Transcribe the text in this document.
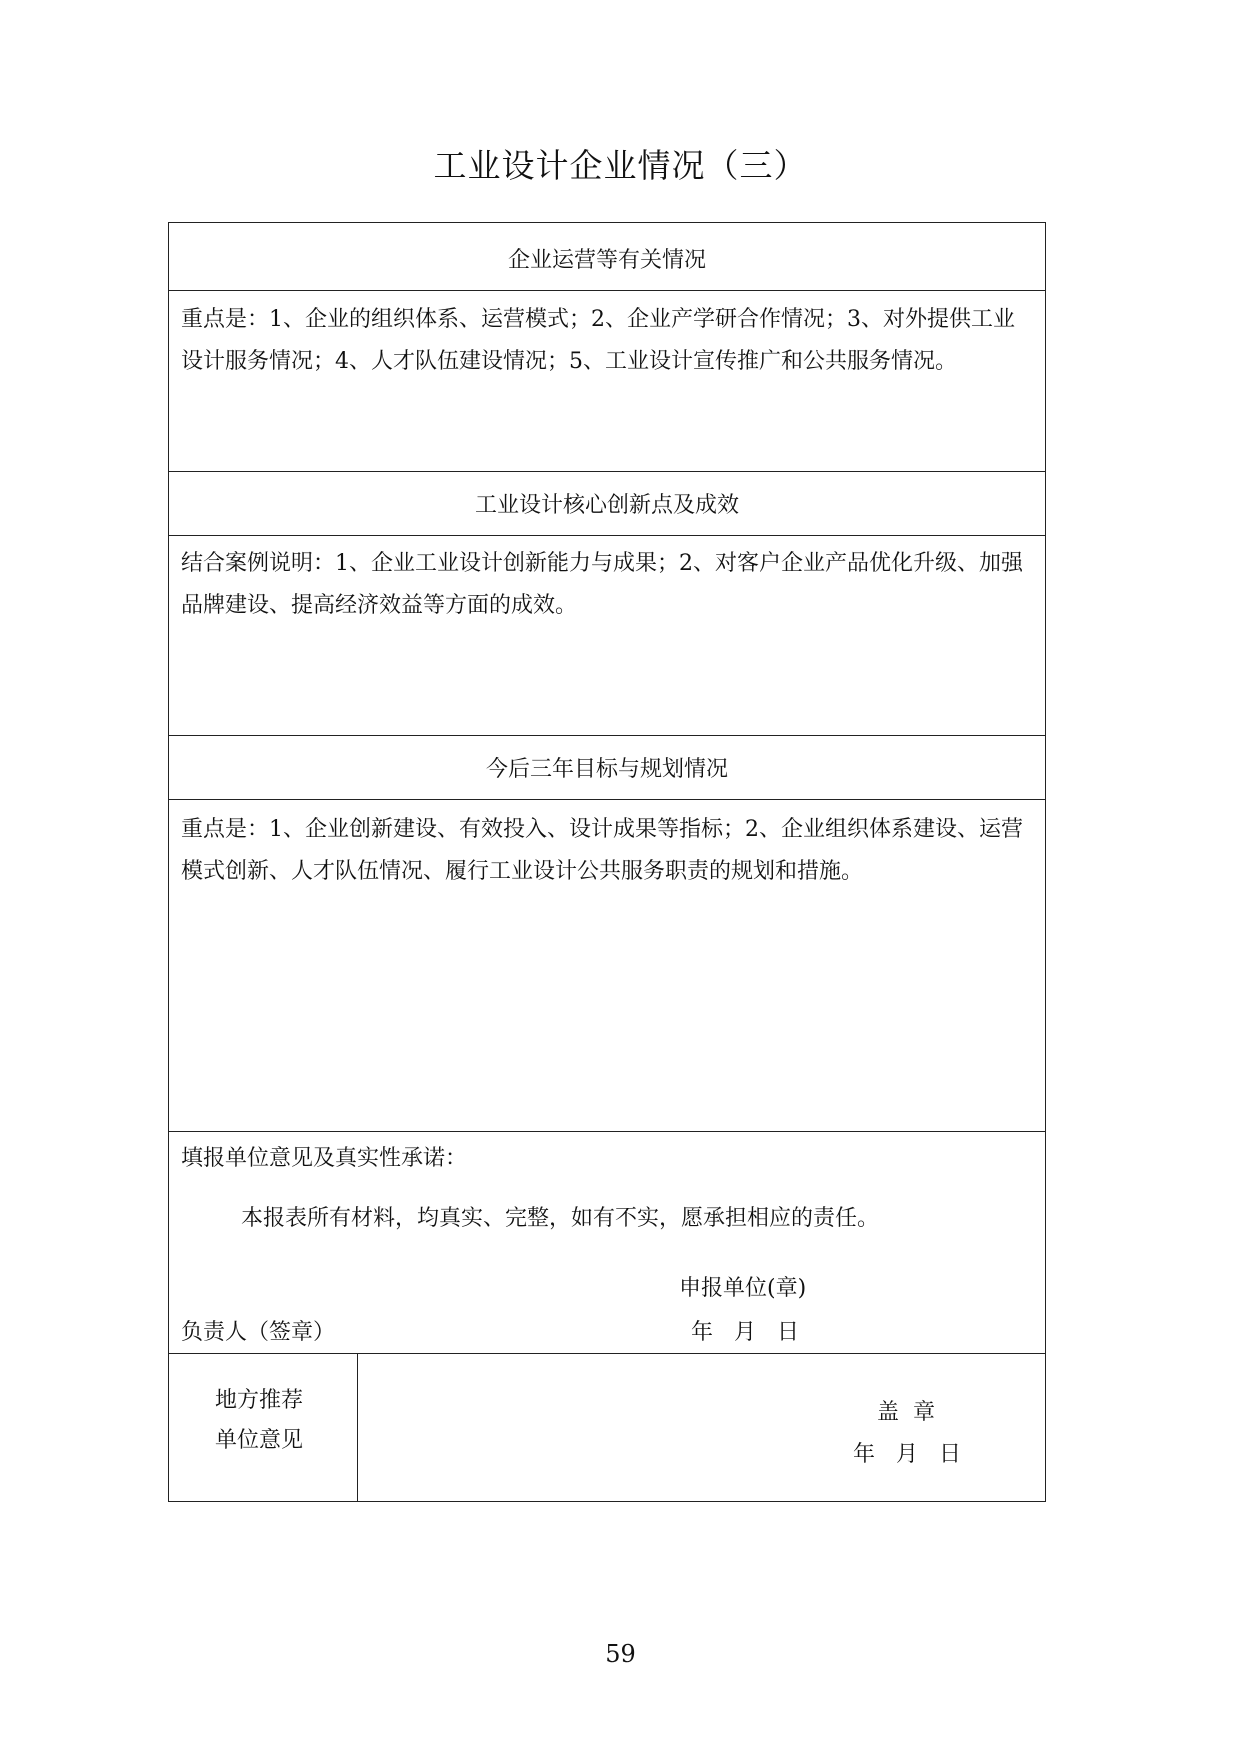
工业设计企业情况（三）
企业运营等有关情况
重点是：1、企业的组织体系、运营模式；2、企业产学研合作情况；3、对外提供工业设计服务情况；4、人才队伍建设情况；5、工业设计宣传推广和公共服务情况。
工业设计核心创新点及成效
结合案例说明：1、企业工业设计创新能力与成果；2、对客户企业产品优化升级、加强品牌建设、提高经济效益等方面的成效。
今后三年目标与规划情况
重点是：1、企业创新建设、有效投入、设计成果等指标；2、企业组织体系建设、运营模式创新、人才队伍情况、履行工业设计公共服务职责的规划和措施。
填报单位意见及真实性承诺：
本报表所有材料，均真实、完整，如有不实，愿承担相应的责任。
申报单位(章)
负责人（签章）	年 月 日
地方推荐
单位意见
盖  章
年 月 日
59
